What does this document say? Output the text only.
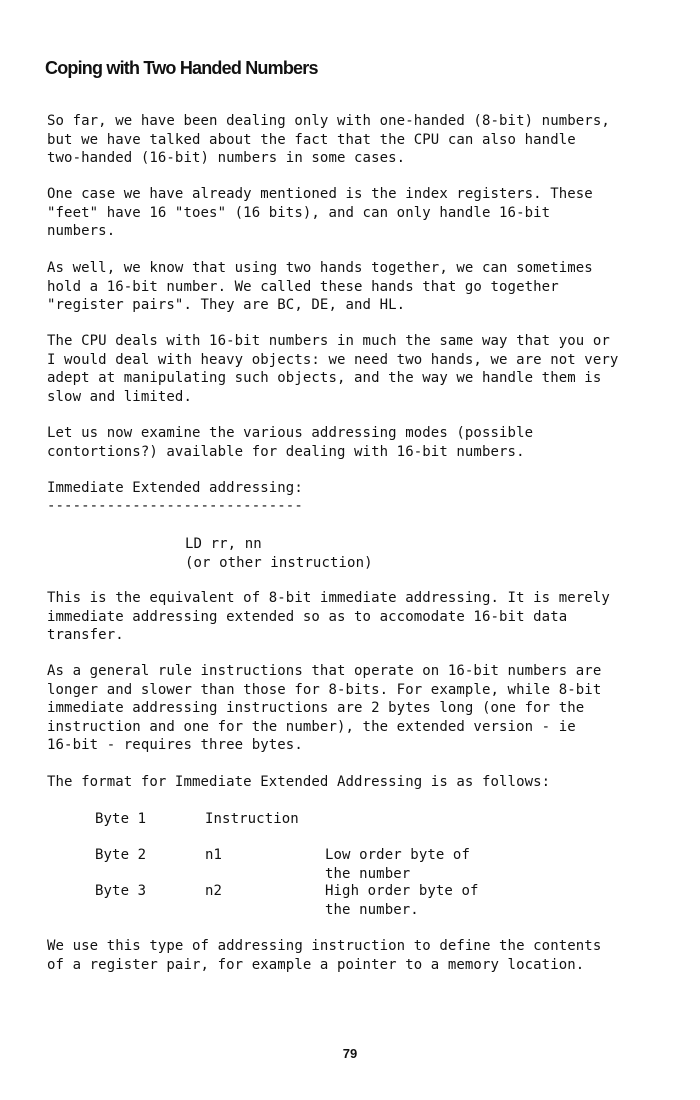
Coping with Two Handed Numbers

So far, we have been dealing only with one-handed (8-bit) numbers,
but we have talked about the fact that the CPU can also handle
two-handed (16-bit) numbers in some cases.

One case we have already mentioned is the index registers. These
"feet" have 16 "toes" (16 bits), and can only handle 16-bit
numbers.

As well, we know that using two hands together, we can sometimes
hold a 16-bit number. We called these hands that go together
"register pairs". They are BC, DE, and HL.

The CPU deals with 16-bit numbers in much the same way that you or
I would deal with heavy objects: we need two hands, we are not very
adept at manipulating such objects, and the way we handle them is
slow and limited.

Let us now examine the various addressing modes (possible
contortions?) available for dealing with 16-bit numbers.

Immediate Extended addressing:

------------------------------

LD rr, nn
(or other instruction)

This is the equivalent of 8-bit immediate addressing. It is merely
immediate addressing extended so as to accomodate 16-bit data
transfer.

As a general rule instructions that operate on 16-bit numbers are
longer and slower than those for 8-bits. For example, while 8-bit
immediate addressing instructions are 2 bytes long (one for the
instruction and one for the number), the extended version - ie
16-bit - requires three bytes.

The format for Immediate Extended Addressing is as follows:

Byte 1	Instruction

Byte 2	n1	Low order byte of
the number

Byte 3	n2	High order byte of
the number.

We use this type of addressing instruction to define the contents
of a register pair, for example a pointer to a memory location.

79
